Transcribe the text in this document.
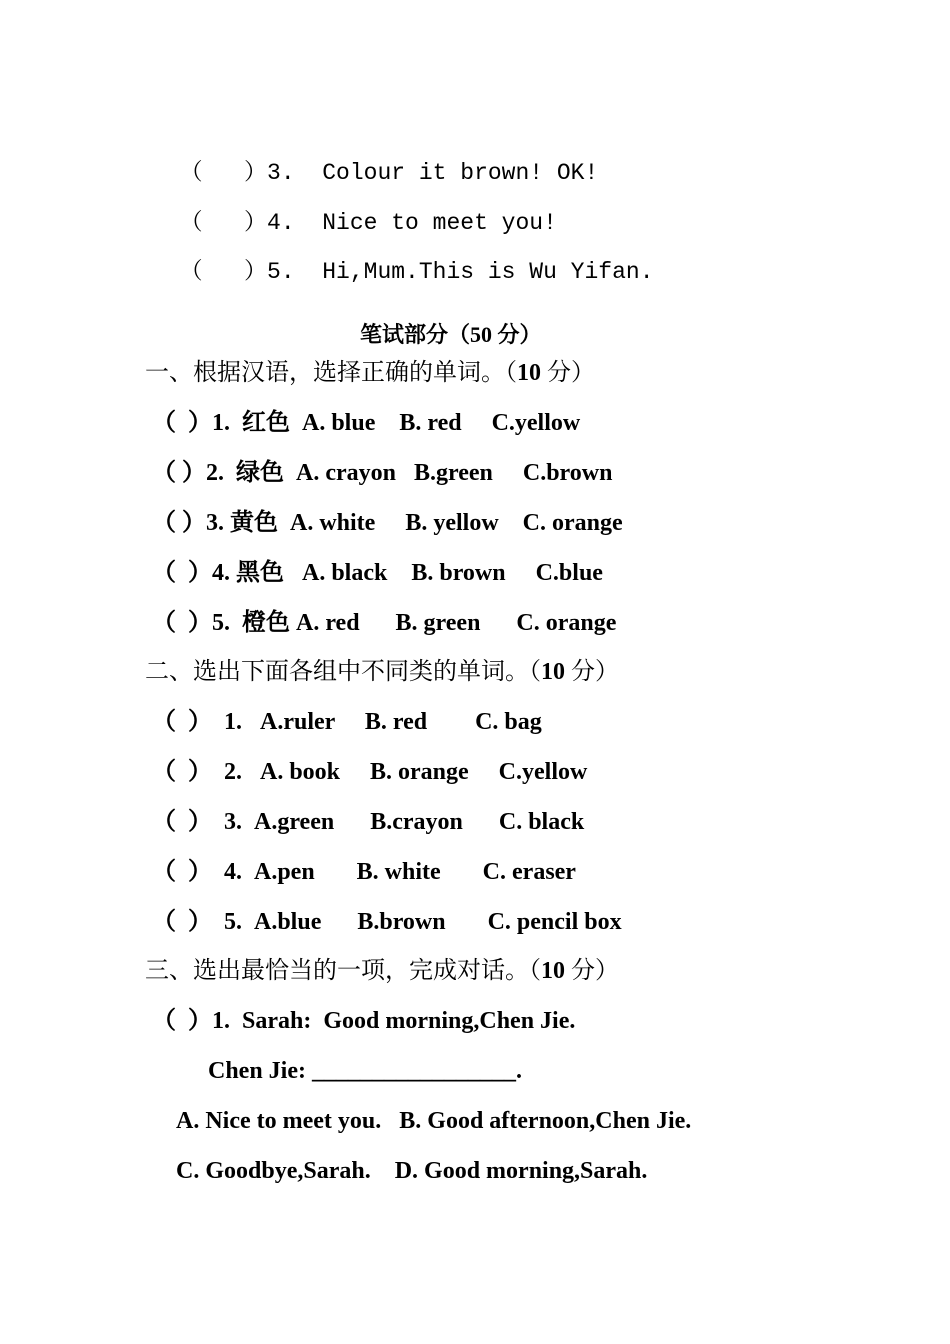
（   ）3.  Colour it brown! OK!

（   ）4.  Nice to meet you!

（   ）5.  Hi,Mum.This is Wu Yifan.

笔试部分（50 分）
一、根据汉语，选择正确的单词。（10 分）
（  ）1.  红色  A. blue    B. red     C.yellow
（ ）2.  绿色  A. crayon   B.green     C.brown
（ ）3. 黄色  A. white     B. yellow    C. orange
（  ）4. 黑色   A. black    B. brown     C.blue
（  ）5.  橙色 A. red      B. green      C. orange
二、选出下面各组中不同类的单词。（10 分）
（  ）  1.   A.ruler     B. red        C. bag
（  ）  2.   A. book     B. orange     C.yellow
（  ）  3.  A.green      B.crayon      C. black
（  ）  4.  A.pen       B. white       C. eraser
（  ）  5.  A.blue      B.brown       C. pencil box
三、选出最恰当的一项，完成对话。（10 分）
（  ）1.  Sarah:  Good morning,Chen Jie.
Chen Jie: _________________.
A. Nice to meet you.   B. Good afternoon,Chen Jie.
C. Goodbye,Sarah.    D. Good morning,Sarah.
